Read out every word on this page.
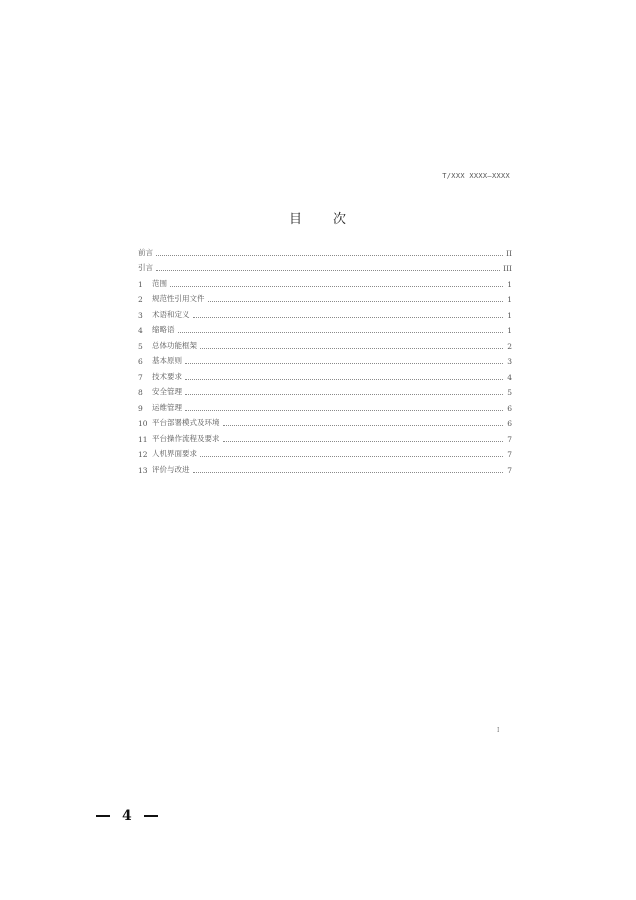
T/XXX XXXX—XXXX
目 次
前言	II
引言	III
1	范围	1
2	规范性引用文件	1
3	术语和定义	1
4	缩略语	1
5	总体功能框架	2
6	基本原则	3
7	技术要求	4
8	安全管理	5
9	运维管理	6
10 平台部署模式及环境	6
11 平台操作流程及要求	7
12 人机界面要求	7
13 评价与改进	7
I
4
